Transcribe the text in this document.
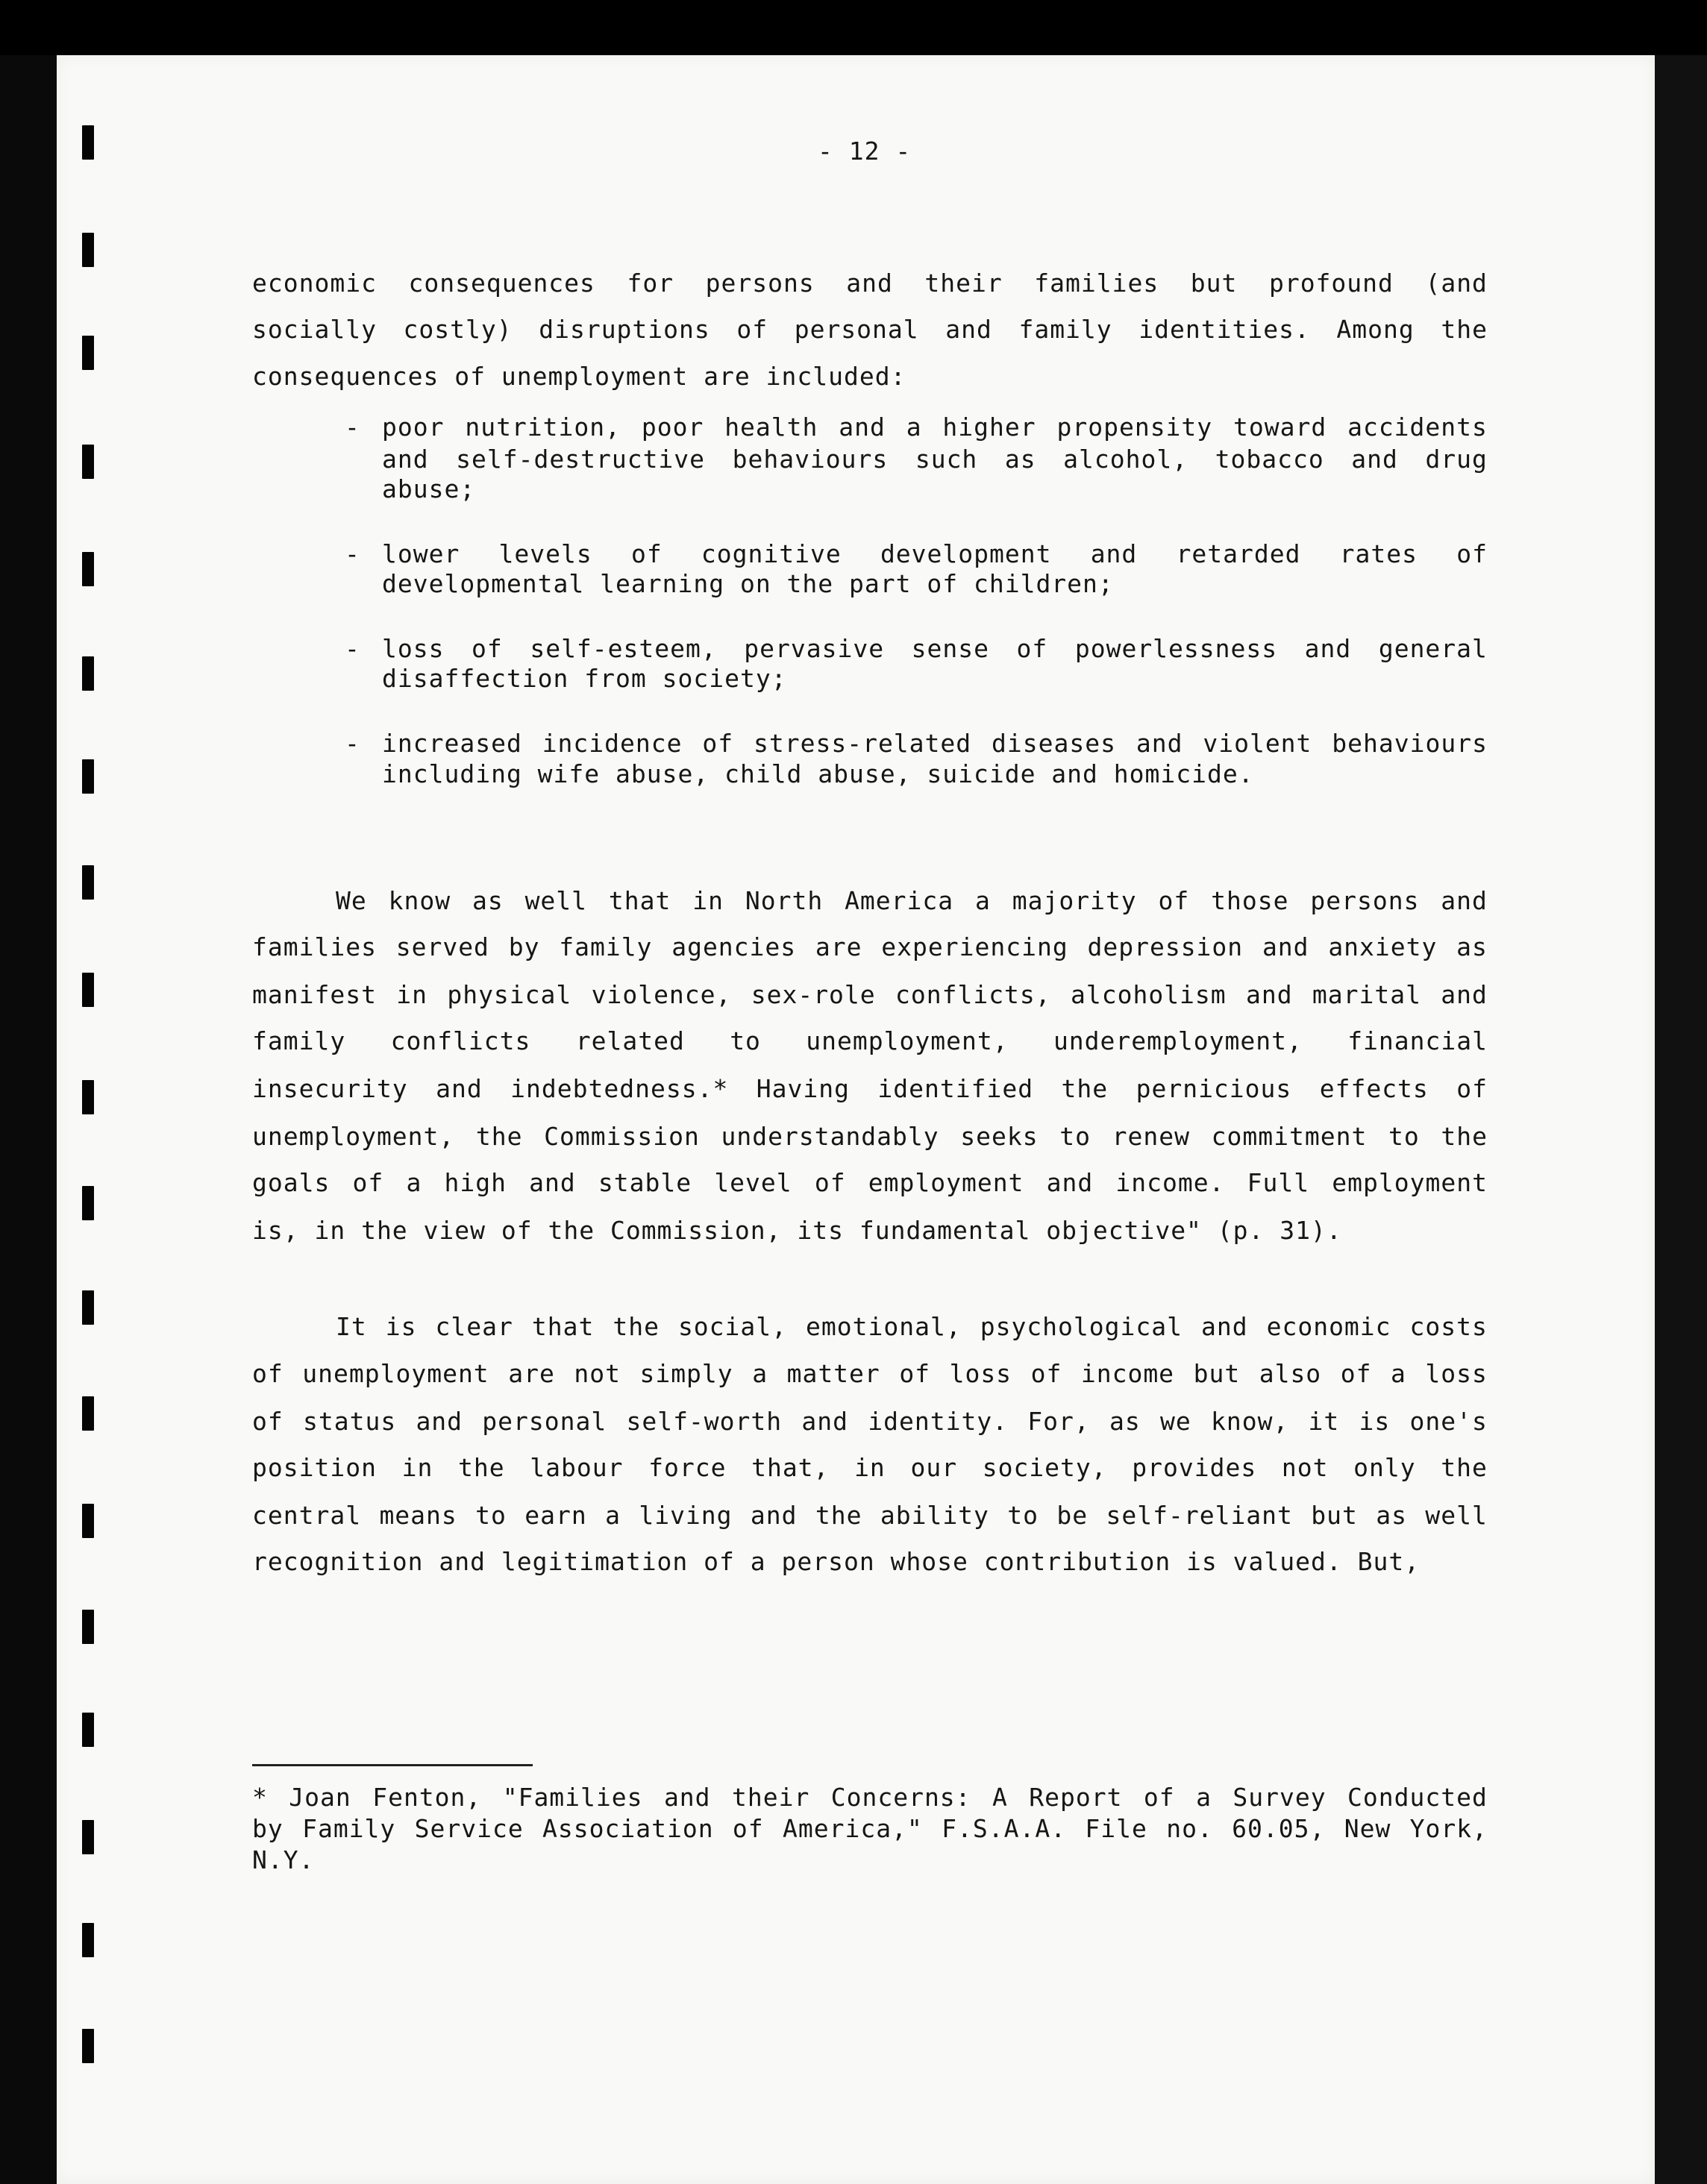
- 12 -
economic consequences for persons and their families but profound (and
socially costly) disruptions of personal and family identities. Among the
consequences of unemployment are included:
- poor nutrition, poor health and a higher propensity toward accidents
and self-destructive behaviours such as alcohol, tobacco and drug
abuse;
- lower levels of cognitive development and retarded rates of
developmental learning on the part of children;
- loss of self-esteem, pervasive sense of powerlessness and general
disaffection from society;
- increased incidence of stress-related diseases and violent behaviours
including wife abuse, child abuse, suicide and homicide.
We know as well that in North America a majority of those persons and
families served by family agencies are experiencing depression and anxiety as
manifest in physical violence, sex-role conflicts, alcoholism and marital and
family conflicts related to unemployment, underemployment, financial
insecurity and indebtedness.* Having identified the pernicious effects of
unemployment, the Commission understandably seeks to renew commitment to the
goals of a high and stable level of employment and income. Full employment
is, in the view of the Commission, its fundamental objective" (p. 31).
It is clear that the social, emotional, psychological and economic costs
of unemployment are not simply a matter of loss of income but also of a loss
of status and personal self-worth and identity. For, as we know, it is one's
position in the labour force that, in our society, provides not only the
central means to earn a living and the ability to be self-reliant but as well
recognition and legitimation of a person whose contribution is valued. But,
* Joan Fenton, "Families and their Concerns: A Report of a Survey Conducted
by Family Service Association of America," F.S.A.A. File no. 60.05, New York,
N.Y.
